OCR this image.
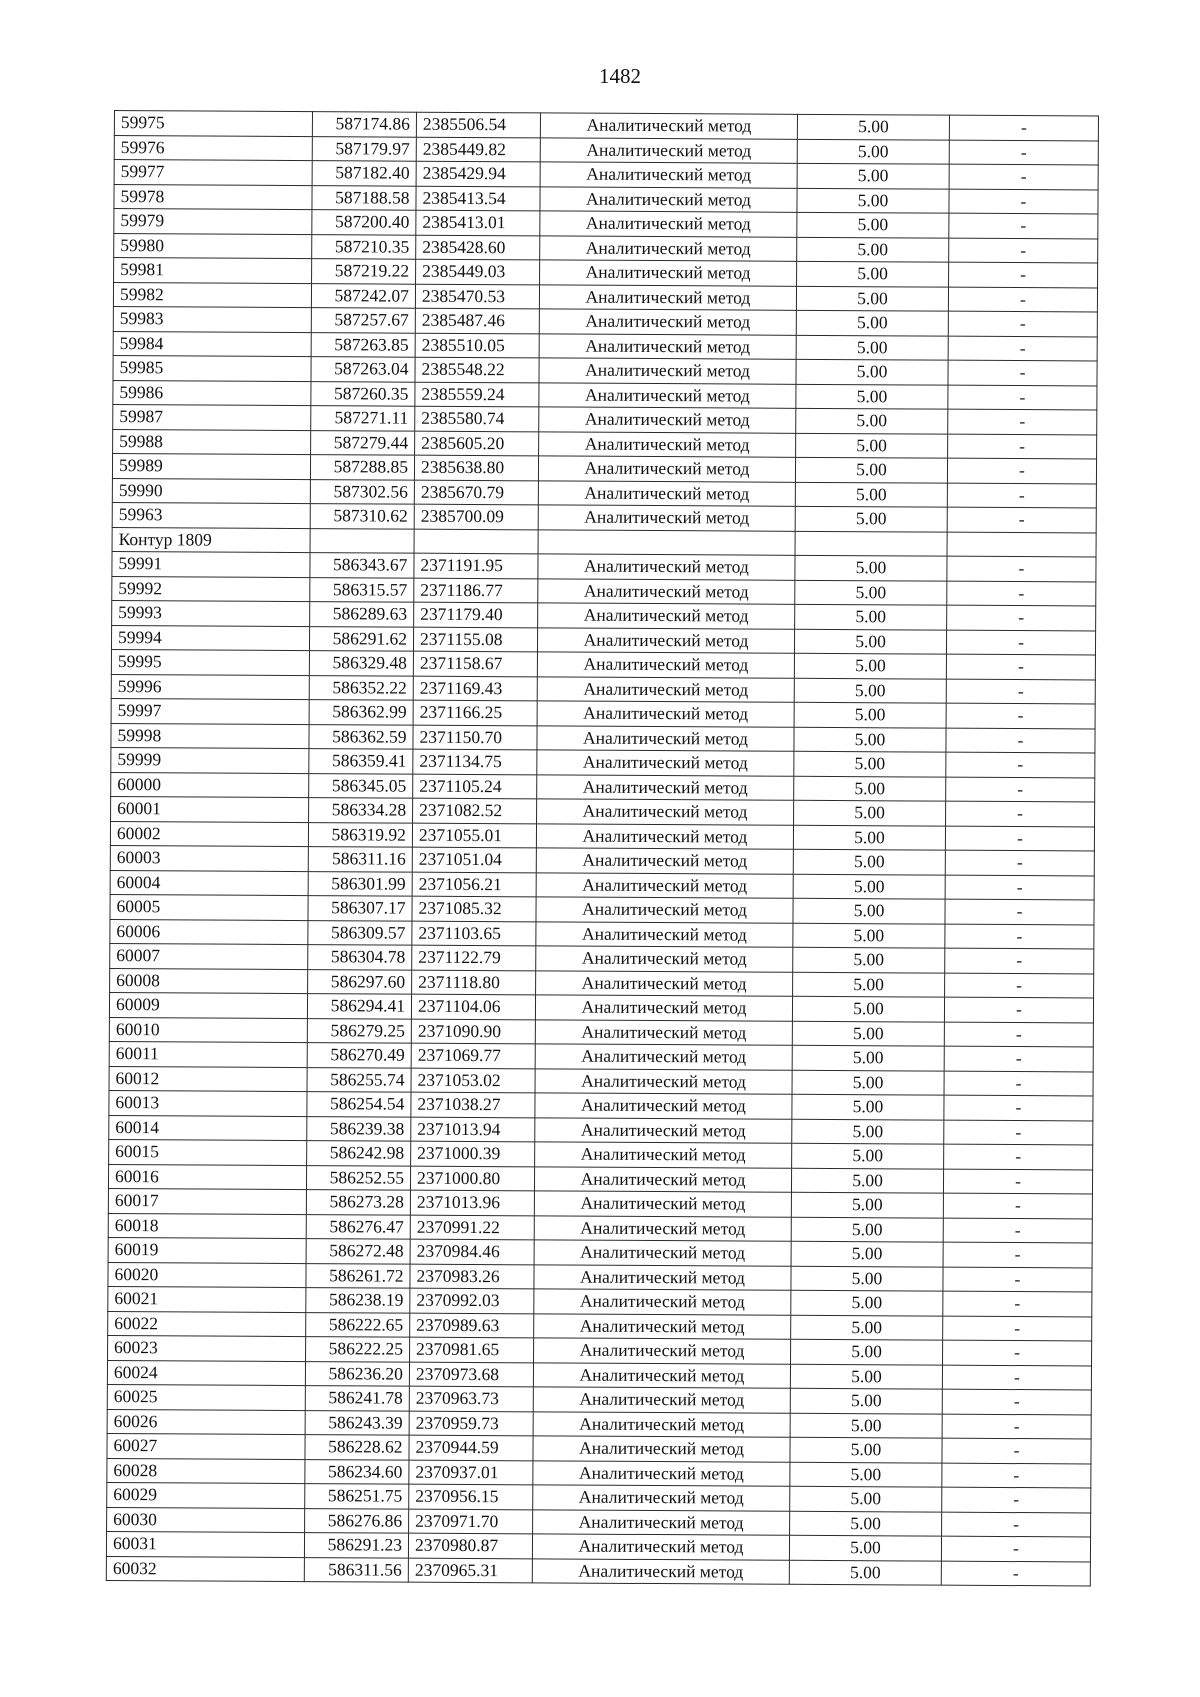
1482
59975	587174.86	2385506.54	Аналитический метод	5.00	-
59976	587179.97	2385449.82	Аналитический метод	5.00	-
59977	587182.40	2385429.94	Аналитический метод	5.00	-
59978	587188.58	2385413.54	Аналитический метод	5.00	-
59979	587200.40	2385413.01	Аналитический метод	5.00	-
59980	587210.35	2385428.60	Аналитический метод	5.00	-
59981	587219.22	2385449.03	Аналитический метод	5.00	-
59982	587242.07	2385470.53	Аналитический метод	5.00	-
59983	587257.67	2385487.46	Аналитический метод	5.00	-
59984	587263.85	2385510.05	Аналитический метод	5.00	-
59985	587263.04	2385548.22	Аналитический метод	5.00	-
59986	587260.35	2385559.24	Аналитический метод	5.00	-
59987	587271.11	2385580.74	Аналитический метод	5.00	-
59988	587279.44	2385605.20	Аналитический метод	5.00	-
59989	587288.85	2385638.80	Аналитический метод	5.00	-
59990	587302.56	2385670.79	Аналитический метод	5.00	-
59963	587310.62	2385700.09	Аналитический метод	5.00	-
Контур 1809					
59991	586343.67	2371191.95	Аналитический метод	5.00	-
59992	586315.57	2371186.77	Аналитический метод	5.00	-
59993	586289.63	2371179.40	Аналитический метод	5.00	-
59994	586291.62	2371155.08	Аналитический метод	5.00	-
59995	586329.48	2371158.67	Аналитический метод	5.00	-
59996	586352.22	2371169.43	Аналитический метод	5.00	-
59997	586362.99	2371166.25	Аналитический метод	5.00	-
59998	586362.59	2371150.70	Аналитический метод	5.00	-
59999	586359.41	2371134.75	Аналитический метод	5.00	-
60000	586345.05	2371105.24	Аналитический метод	5.00	-
60001	586334.28	2371082.52	Аналитический метод	5.00	-
60002	586319.92	2371055.01	Аналитический метод	5.00	-
60003	586311.16	2371051.04	Аналитический метод	5.00	-
60004	586301.99	2371056.21	Аналитический метод	5.00	-
60005	586307.17	2371085.32	Аналитический метод	5.00	-
60006	586309.57	2371103.65	Аналитический метод	5.00	-
60007	586304.78	2371122.79	Аналитический метод	5.00	-
60008	586297.60	2371118.80	Аналитический метод	5.00	-
60009	586294.41	2371104.06	Аналитический метод	5.00	-
60010	586279.25	2371090.90	Аналитический метод	5.00	-
60011	586270.49	2371069.77	Аналитический метод	5.00	-
60012	586255.74	2371053.02	Аналитический метод	5.00	-
60013	586254.54	2371038.27	Аналитический метод	5.00	-
60014	586239.38	2371013.94	Аналитический метод	5.00	-
60015	586242.98	2371000.39	Аналитический метод	5.00	-
60016	586252.55	2371000.80	Аналитический метод	5.00	-
60017	586273.28	2371013.96	Аналитический метод	5.00	-
60018	586276.47	2370991.22	Аналитический метод	5.00	-
60019	586272.48	2370984.46	Аналитический метод	5.00	-
60020	586261.72	2370983.26	Аналитический метод	5.00	-
60021	586238.19	2370992.03	Аналитический метод	5.00	-
60022	586222.65	2370989.63	Аналитический метод	5.00	-
60023	586222.25	2370981.65	Аналитический метод	5.00	-
60024	586236.20	2370973.68	Аналитический метод	5.00	-
60025	586241.78	2370963.73	Аналитический метод	5.00	-
60026	586243.39	2370959.73	Аналитический метод	5.00	-
60027	586228.62	2370944.59	Аналитический метод	5.00	-
60028	586234.60	2370937.01	Аналитический метод	5.00	-
60029	586251.75	2370956.15	Аналитический метод	5.00	-
60030	586276.86	2370971.70	Аналитический метод	5.00	-
60031	586291.23	2370980.87	Аналитический метод	5.00	-
60032	586311.56	2370965.31	Аналитический метод	5.00	-
